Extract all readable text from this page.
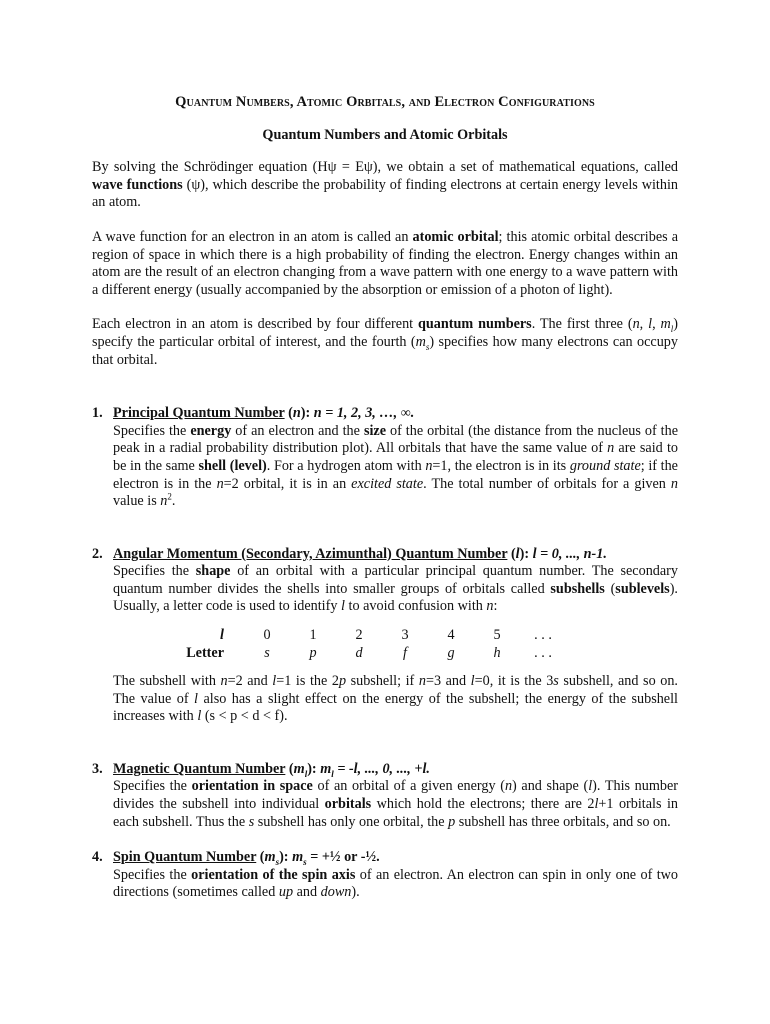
Quantum Numbers, Atomic Orbitals, and Electron Configurations
Quantum Numbers and Atomic Orbitals

By solving the Schrödinger equation (Hψ = Eψ), we obtain a set of mathematical equations, called wave functions (ψ), which describe the probability of finding electrons at certain energy levels within an atom.

A wave function for an electron in an atom is called an atomic orbital; this atomic orbital describes a region of space in which there is a high probability of finding the electron. Energy changes within an atom are the result of an electron changing from a wave pattern with one energy to a wave pattern with a different energy (usually accompanied by the absorption or emission of a photon of light).

Each electron in an atom is described by four different quantum numbers. The first three (n, l, $m_l$) specify the particular orbital of interest, and the fourth $(m_s)$ specifies how many electrons can occupy that orbital.

1. Principal Quantum Number (n): n = 1, 2, 3, …, ∞.

Specifies the energy of an electron and the size of the orbital (the distance from the nucleus of the peak in a radial probability distribution plot). All orbitals that have the same value of n are said to be in the same shell (level). For a hydrogen atom with n=1, the electron is in its ground state; if the electron is in the n=2 orbital, it is in an excited state. The total number of orbitals for a given n value is $n^2$.

2. Angular Momentum (Secondary, Azimunthal) Quantum Number (l): l = 0, ..., n-1.

Specifies the shape of an orbital with a particular principal quantum number. The secondary quantum number divides the shells into smaller groups of orbitals called subshells (sublevels). Usually, a letter code is used to identify l to avoid confusion with n:

l	0	1	2	3	4	5	. . .
Letter	s	p	d	f	g	h	. . .

The subshell with n=2 and l=1 is the 2p subshell; if n=3 and l=0, it is the 3s subshell, and so on. The value of l also has a slight effect on the energy of the subshell; the energy of the subshell increases with l (s < p < d < f).

3. Magnetic Quantum Number $(m_l)$: $m_l = -l$, ..., 0, ..., +l.

Specifies the orientation in space of an orbital of a given energy (n) and shape (l). This number divides the subshell into individual orbitals which hold the electrons; there are 2l+1 orbitals in each subshell. Thus the s subshell has only one orbital, the p subshell has three orbitals, and so on.

4. Spin Quantum Number $(m_s)$: $m_s$ = +½ or -½.

Specifies the orientation of the spin axis of an electron. An electron can spin in only one of two directions (sometimes called up and down).
